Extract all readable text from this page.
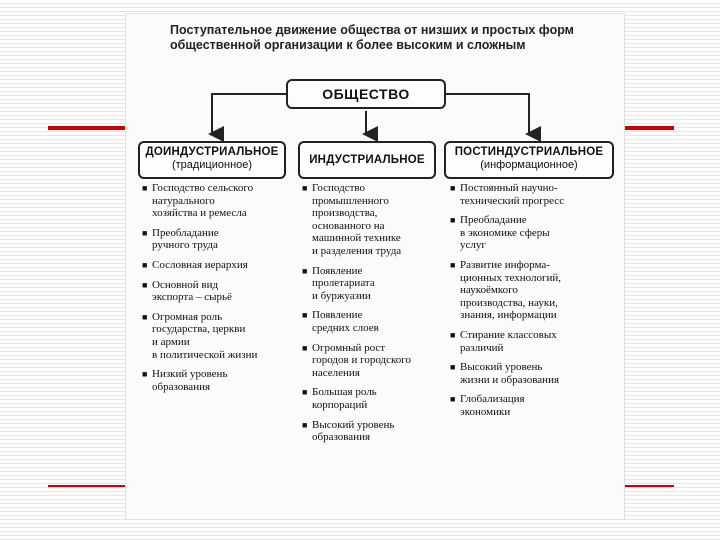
Поступательное движение общества от низших и простых форм общественной организации к более высоким и сложным
ОБЩЕСТВО
ДОИНДУСТРИАЛЬНОЕ
(традиционное)	ИНДУСТРИАЛЬНОЕ
ПОСТИНДУСТРИАЛЬНОЕ
(информационное)
■ Господство сельского
натурального
хозяйства и ремесла
■ Преобладание
ручного труда
■ Сословная иерархия
■ Основной вид
экспорта – сырьё
■ Огромная роль
государства, церкви
и армии
в политической жизни
■ Низкий уровень
образования
■ Господство
промышленного
производства,
основанного на
машинной технике
и разделения труда
■ Появление
пролетариата
и буржуазии
■ Появление
средних слоев
■ Огромный рост
городов и городского
населения
■ Большая роль
корпораций
■ Высокий уровень
образования
■ Постоянный научно-
технический прогресс
■ Преобладание
в экономике сферы
услуг
■ Развитие информа-
ционных технологий,
наукоёмкого
производства, науки,
знания, информации
■ Стирание классовых
различий
■ Высокий уровень
жизни и образования
■ Глобализация
экономики
